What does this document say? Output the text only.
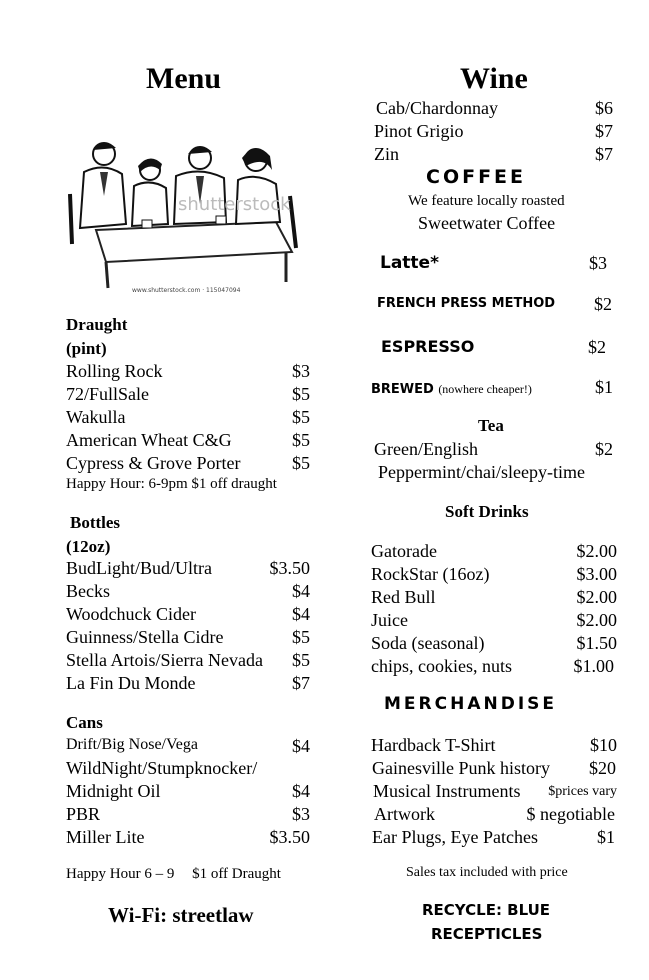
Menu
shutterstock
www.shutterstock.com · 115047094
Draught
(pint)
Rolling Rock	$3
72/FullSale	$5
Wakulla	$5
American Wheat C&G	$5
Cypress & Grove Porter	$5
Happy Hour: 6-9pm $1 off draught
Bottles
(12oz)
BudLight/Bud/Ultra	$3.50
Becks	$4
Woodchuck Cider	$4
Guinness/Stella Cidre	$5
Stella Artois/Sierra Nevada $5
La Fin Du Monde	$7
Cans
Drift/Big Nose/Vega	$4
WildNight/Stumpknocker/
Midnight Oil	$4
PBR	$3
Miller Lite	$3.50
Happy Hour 6 – 9 $1 off Draught
Wi-Fi: streetlaw
Wine
Cab/Chardonnay	$6
Pinot Grigio	$7
Zin	$7
COFFEE
We feature locally roasted
Sweetwater Coffee
Latte*	$3
FRENCH PRESS METHOD $2
ESPRESSO	$2
BREWED (nowhere cheaper!)	$1
Tea
Green/English	$2
Peppermint/chai/sleepy-time
Soft Drinks
Gatorade	$2.00
RockStar (16oz)	$3.00
Red Bull	$2.00
Juice	$2.00
Soda (seasonal)	$1.50
chips, cookies, nuts	$1.00
MERCHANDISE
Hardback T-Shirt	$10
Gainesville Punk history $20
Musical Instruments $prices vary
Artwork	$ negotiable
Ear Plugs, Eye Patches	$1
Sales tax included with price
RECYCLE: BLUE
RECEPTICLES
